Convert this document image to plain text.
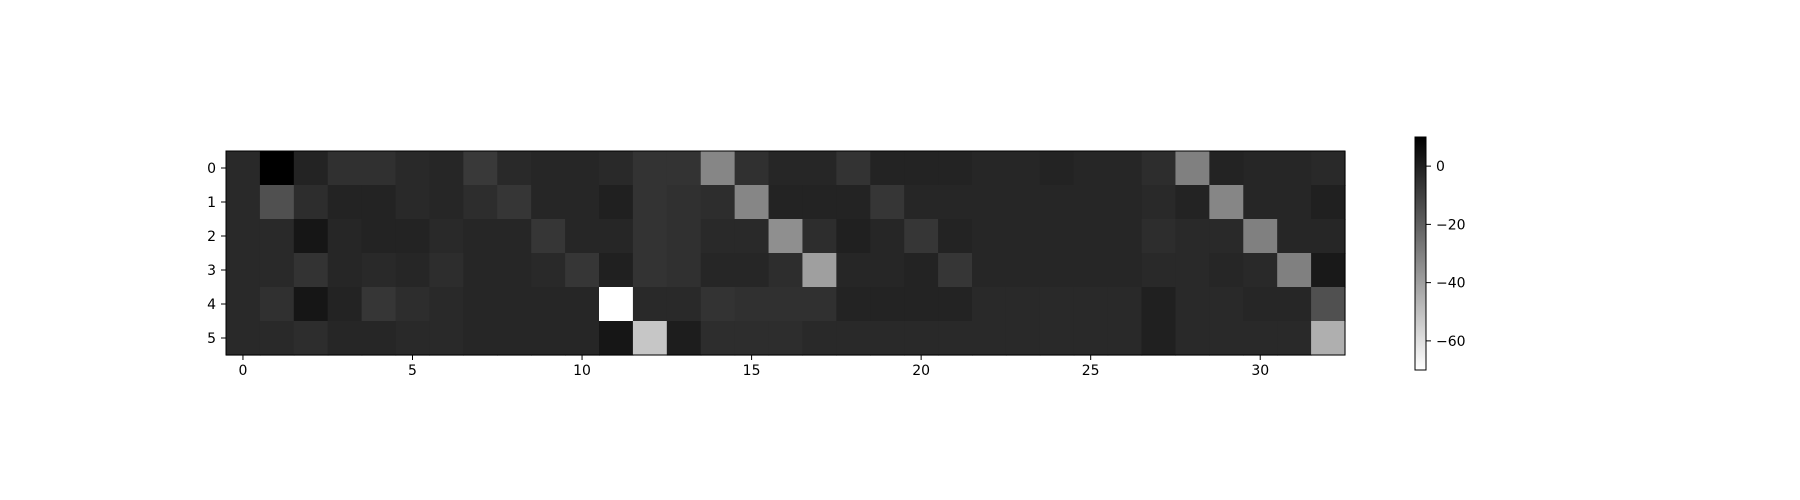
0	5	10	15	20	25	30
0
1
2
3
4
5
0
−20
−40
−60
